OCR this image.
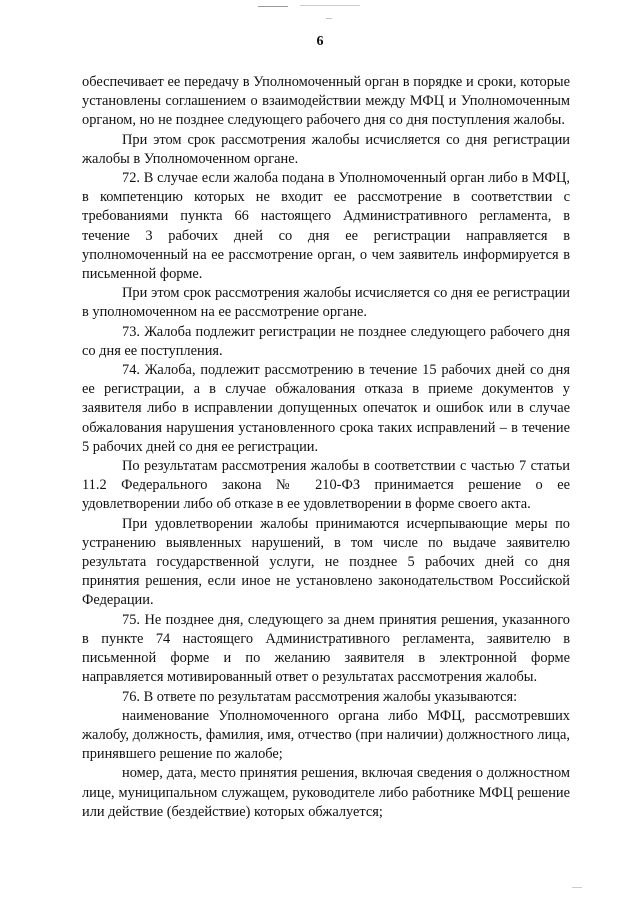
6

обеспечивает ее передачу в Уполномоченный орган в порядке и сроки, которые установлены соглашением о взаимодействии между МФЦ и Уполномоченным органом, но не позднее следующего рабочего дня со дня поступления жалобы.

При этом срок рассмотрения жалобы исчисляется со дня регистрации жалобы в Уполномоченном органе.

72. В случае если жалоба подана в Уполномоченный орган либо в МФЦ, в компетенцию которых не входит ее рассмотрение в соответствии с требованиями пункта 66 настоящего Административного регламента, в течение 3 рабочих дней со дня ее регистрации направляется в уполномоченный на ее рассмотрение орган, о чем заявитель информируется в письменной форме.

При этом срок рассмотрения жалобы исчисляется со дня ее регистрации в уполномоченном на ее рассмотрение органе.

73. Жалоба подлежит регистрации не позднее следующего рабочего дня со дня ее поступления.

74. Жалоба, подлежит рассмотрению в течение 15 рабочих дней со дня ее регистрации, а в случае обжалования отказа в приеме документов у заявителя либо в исправлении допущенных опечаток и ошибок или в случае обжалования нарушения установленного срока таких исправлений – в течение 5 рабочих дней со дня ее регистрации.

По результатам рассмотрения жалобы в соответствии с частью 7 статьи 11.2 Федерального закона № 210-ФЗ принимается решение о ее удовлетворении либо об отказе в ее удовлетворении в форме своего акта.

При удовлетворении жалобы принимаются исчерпывающие меры по устранению выявленных нарушений, в том числе по выдаче заявителю результата государственной услуги, не позднее 5 рабочих дней со дня принятия решения, если иное не установлено законодательством Российской Федерации.

75. Не позднее дня, следующего за днем принятия решения, указанного в пункте 74 настоящего Административного регламента, заявителю в письменной форме и по желанию заявителя в электронной форме направляется мотивированный ответ о результатах рассмотрения жалобы.

76. В ответе по результатам рассмотрения жалобы указываются:

наименование Уполномоченного органа либо МФЦ, рассмотревших жалобу, должность, фамилия, имя, отчество (при наличии) должностного лица, принявшего решение по жалобе;

номер, дата, место принятия решения, включая сведения о должностном лице, муниципальном служащем, руководителе либо работнике МФЦ решение или действие (бездействие) которых обжалуется;
